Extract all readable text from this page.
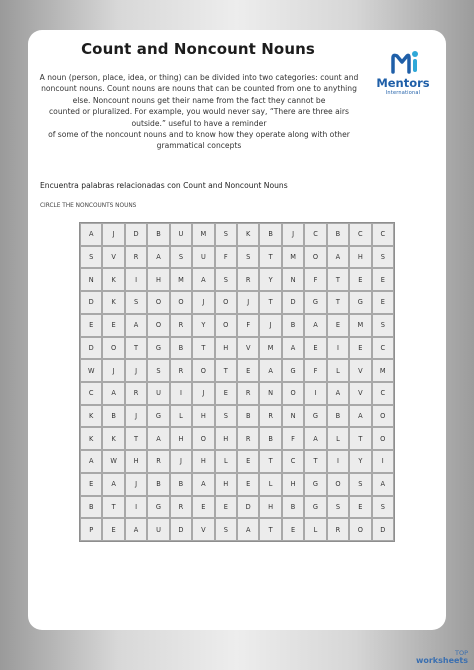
Count and Noncount Nouns
Mentors
International

A noun (person, place, idea, or thing) can be divided into two categories: count and
noncount nouns. Count nouns are nouns that can be counted from one to anything
else. Noncount nouns get their name from the fact they cannot be
counted or pluralized. For example, you would never say, “There are three airs
outside.” useful to have a reminder
of some of the noncount nouns and to know how they operate along with other
grammatical concepts

Encuentra palabras relacionadas con Count and Noncount Nouns
CIRCLE THE NONCOUNTS NOUNS
A	J	D	B	U	M	S	K	B	J	C	B	C	C
S	V	R	A	S	U	F	S	T	M	O	A	H	S
N	K	I	H	M	A	S	R	Y	N	F	T	E	E
D	K	S	O	O	J	O	J	T	D	G	T	G	E
E	E	A	O	R	Y	O	F	J	B	A	E	M	S
D	O	T	G	B	T	H	V	M	A	E	I	E	C
W	J	J	S	R	O	T	E	A	G	F	L	V	M
C	A	R	U	I	J	E	R	N	O	I	A	V	C
K	B	J	G	L	H	S	B	R	N	G	B	A	O
K	K	T	A	H	O	H	R	B	F	A	L	T	O
A	W	H	R	J	H	L	E	T	C	T	I	Y	I
E	A	J	B	B	A	H	E	L	H	G	O	S	A
B	T	I	G	R	E	E	D	H	B	G	S	E	S
P	E	A	U	D	V	S	A	T	E	L	R	O	D
TOP
worksheets
